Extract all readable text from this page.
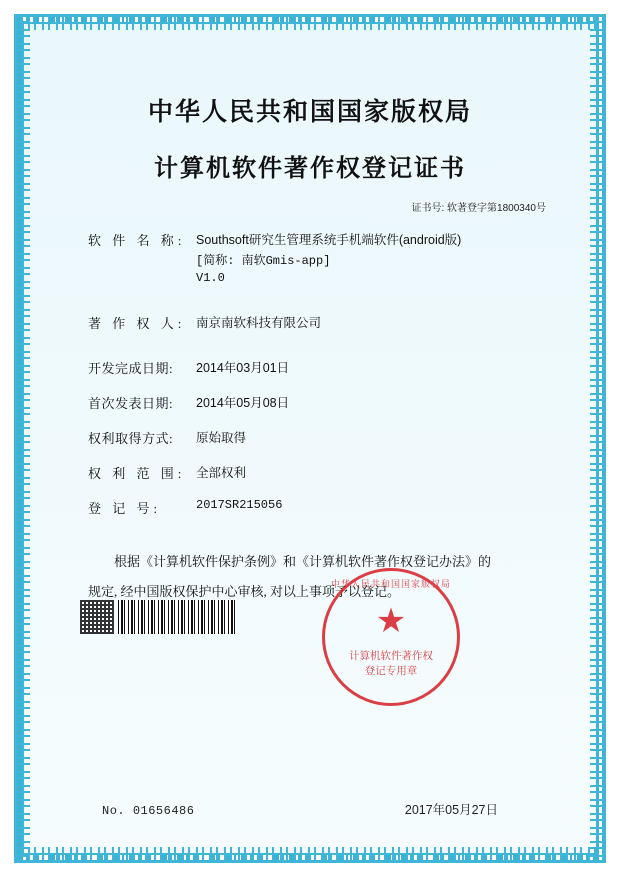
中华人民共和国国家版权局
计算机软件著作权登记证书
证书号: 软著登字第1800340号
软 件 名 称: Southsoft研究生管理系统手机端软件(android版)
[简称: 南软Gmis-app]
V1.0
著 作 权 人: 南京南软科技有限公司
开发完成日期:	2014年03月01日
首次发表日期:	2014年05月08日
权利取得方式:	原始取得
权 利 范 围: 全部权利
登 记 号:	2017SR215056
根据《计算机软件保护条例》和《计算机软件著作权登记办法》的
规定, 经中国版权保护中心审核, 对以上事项予以登记。
中华人民共和国国家版权局
★
计算机软件著作权
登记专用章
No. 01656486	2017年05月27日
